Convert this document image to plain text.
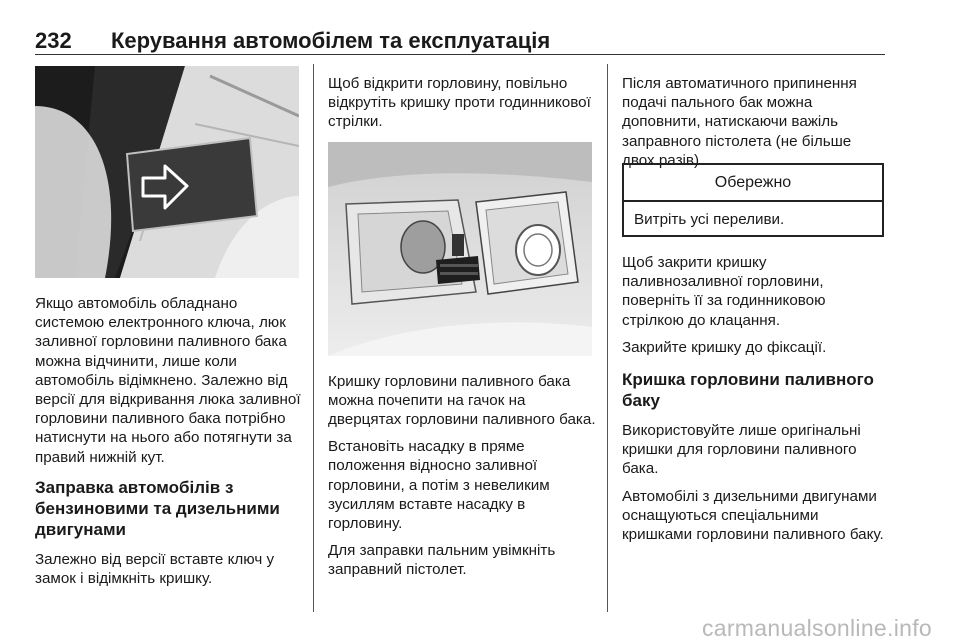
232 Керування автомобілем та експлуатація

Якщо автомобіль обладнано системою електронного ключа, люк заливної горловини паливного бака можна відчинити, лише коли автомобіль відімкнено. Залежно від версії для відкривання люка заливної горловини паливного бака потрібно натиснути на нього або потягнути за правий нижній кут.

Заправка автомобілів з бензиновими та дизельними двигунами

Залежно від версії вставте ключ у замок і відімкніть кришку.

Щоб відкрити горловину, повільно відкрутіть кришку проти годинникової стрілки.

Кришку горловини паливного бака можна почепити на гачок на дверцятах горловини паливного бака.

Встановіть насадку в пряме положення відносно заливної горловини, а потім з невеликим зусиллям вставте насадку в горловину.

Для заправки пальним увімкніть заправний пістолет.

Після автоматичного припинення подачі пального бак можна доповнити, натискаючи важіль заправного пістолета (не більше двох разів).

Обережно
Витріть усі переливи.

Щоб закрити кришку паливнозаливної горловини, поверніть її за годинниковою стрілкою до клацання.

Закрийте кришку до фіксації.

Кришка горловини паливного баку

Використовуйте лише оригінальні кришки для горловини паливного бака.

Автомобілі з дизельними двигунами оснащуються спеціальними кришками горловини паливного баку.

carmanualsonline.info
